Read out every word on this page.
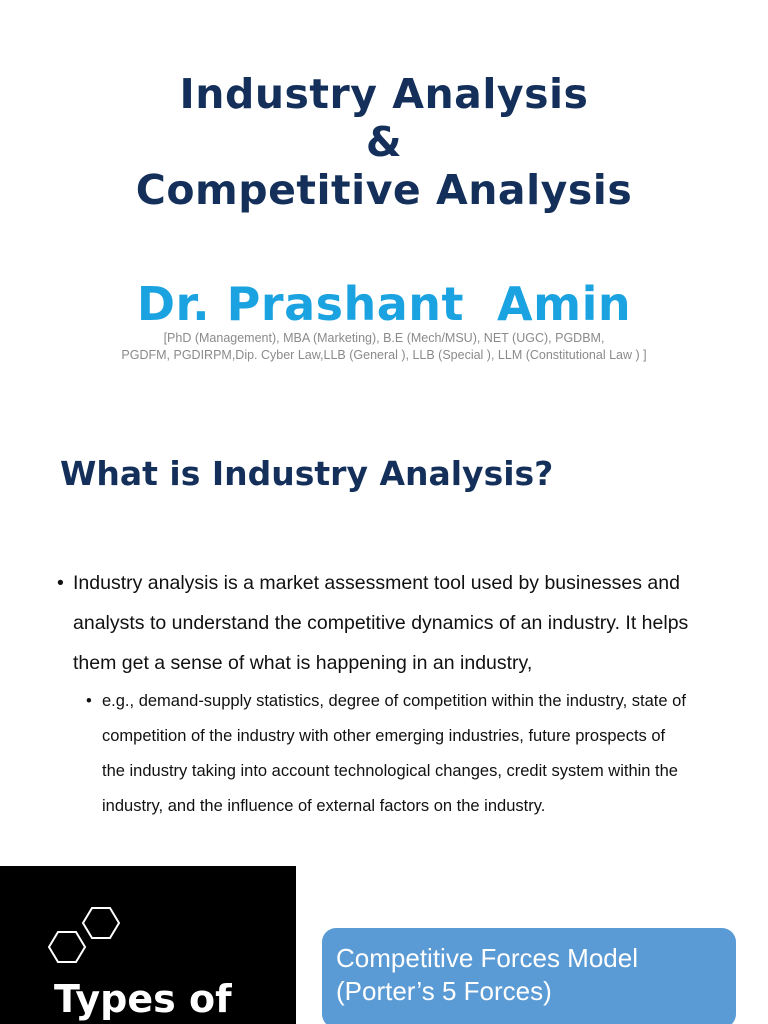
Industry Analysis
&
Competitive Analysis
Dr. Prashant  Amin
[PhD (Management), MBA (Marketing), B.E (Mech/MSU), NET (UGC), PGDBM,
PGDFM, PGDIRPM,Dip. Cyber Law,LLB (General ), LLB (Special ), LLM (Constitutional Law ) ]
What is Industry Analysis?
• Industry analysis is a market assessment tool used by businesses and analysts to understand the competitive dynamics of an industry. It helps them get a sense of what is happening in an industry,
• e.g., demand-supply statistics, degree of competition within the industry, state of competition of the industry with other emerging industries, future prospects of the industry taking into account technological changes, credit system within the industry, and the influence of external factors on the industry.
Types of
Competitive Forces Model
(Porter’s 5 Forces)
